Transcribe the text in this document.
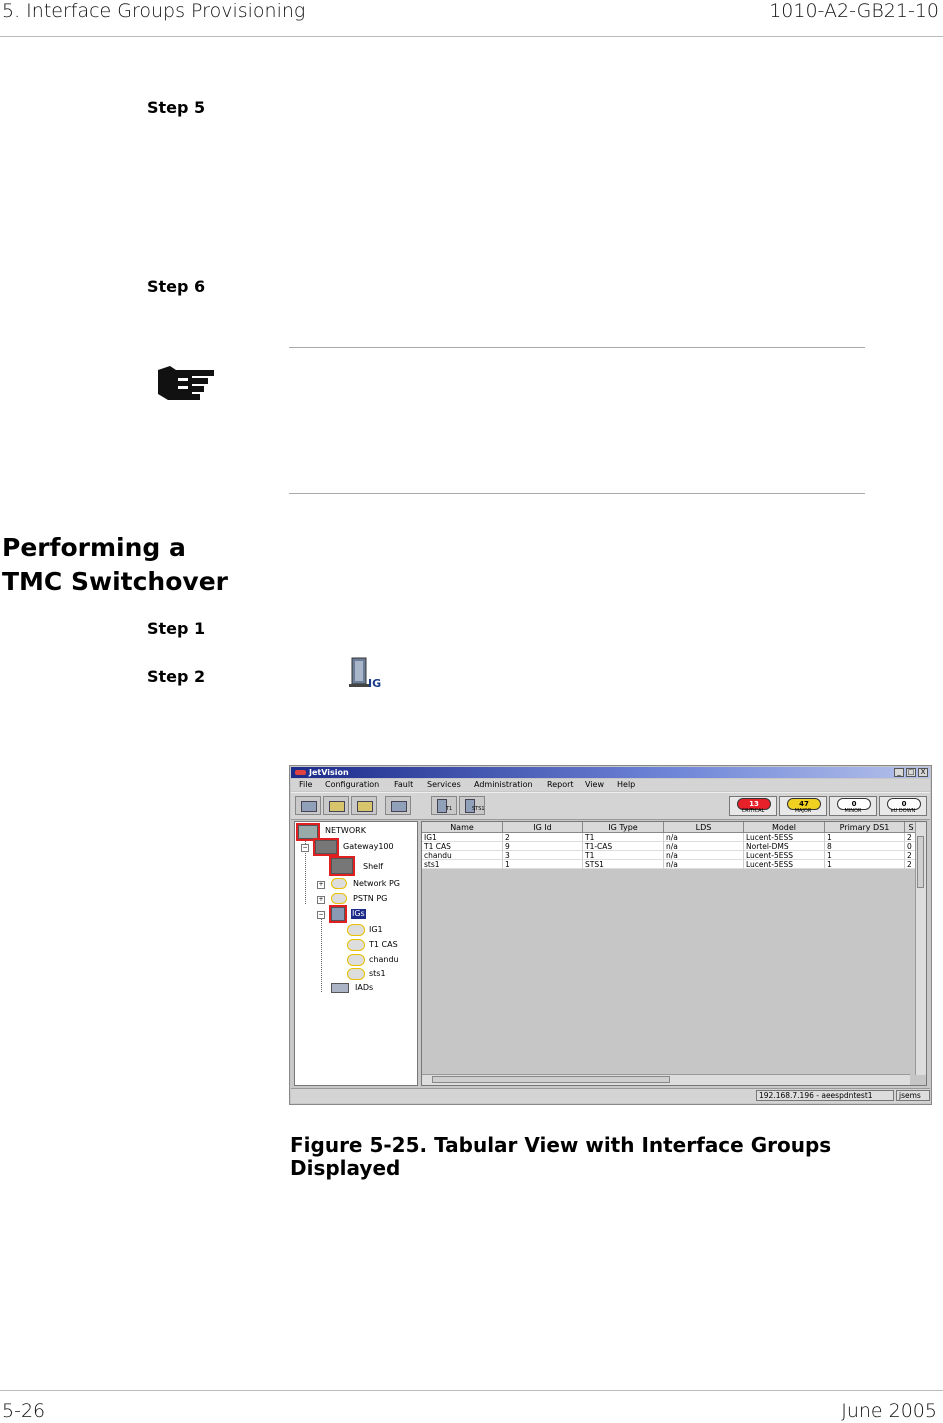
5. Interface Groups Provisioning	1010-A2-GB21-10
Step 5
Step 6
Performing a
TMC Switchover
Step 1
Step 2	IG
JetVision	_ □ X
File Configuration Fault Services Administration Report View Help
T1	STS1
13
CRITICAL
47
MAJOR
0
MINOR
0
eU DOWN
NETWORK
−	Gateway100
Shelf
+	Network PG
+	PSTN PG
−	IGs
IG1
T1 CAS
chandu
sts1
IADs
Name	IG Id	IG Type	LDS	Model	Primary DS1	S
IG1	2	T1	n/a	Lucent-5ESS	1	2
T1 CAS	9	T1-CAS	n/a	Nortel-DMS	8	0
chandu	3	T1	n/a	Lucent-5ESS	1	2
sts1	1	STS1	n/a	Lucent-5ESS	1	2
192.168.7.196 - aeespdntest1	jsems
Figure 5-25. Tabular View with Interface Groups
Displayed
5-26	June 2005
